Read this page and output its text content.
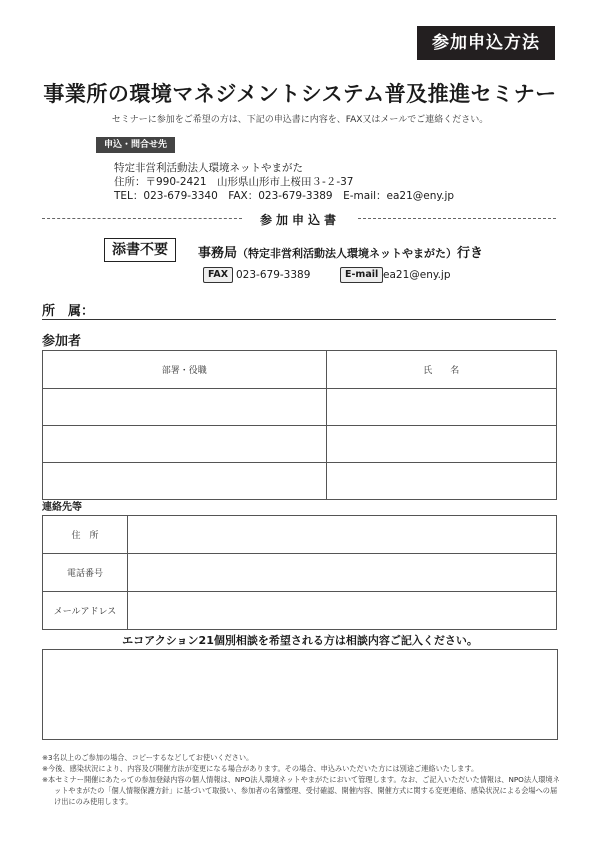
参加申込方法
事業所の環境マネジメントシステム普及推進セミナー
セミナーに参加をご希望の方は、下記の申込書に内容を、FAX又はメールでご連絡ください。
申込・問合せ先
特定非営利活動法人環境ネットやまがた
住所：〒990-2421　山形県山形市上桜田３-２-37
TEL：023-679-3340　FAX：023-679-3389　E-mail：ea21@eny.jp
参加申込書
添書不要	事務局（特定非営利活動法人環境ネットやまがた）行き
FAX 023-679-3389	E-mail ea21@eny.jp
所　属：
参加者
部署・役職	氏　　名

連絡先等
住　所	
電話番号	
メールアドレス	
エコアクション21個別相談を希望される方は相談内容ご記入ください。
※3名以上のご参加の場合、コピーするなどしてお使いください。
※今後、感染状況により、内容及び開催方法が変更になる場合があります。その場合、申込みいただいた方には別途ご連絡いたします。
※本セミナー開催にあたっての参加登録内容の個人情報は、NPO法人環境ネットやまがたにおいて管理します。なお、ご記入いただいた情報は、NPO法人環境ネットやまがたの「個人情報保護方針」に基づいて取扱い、参加者の名簿整理、受付確認、開催内容、開催方式に関する変更連絡、感染状況による会場への届け出にのみ使用します。
